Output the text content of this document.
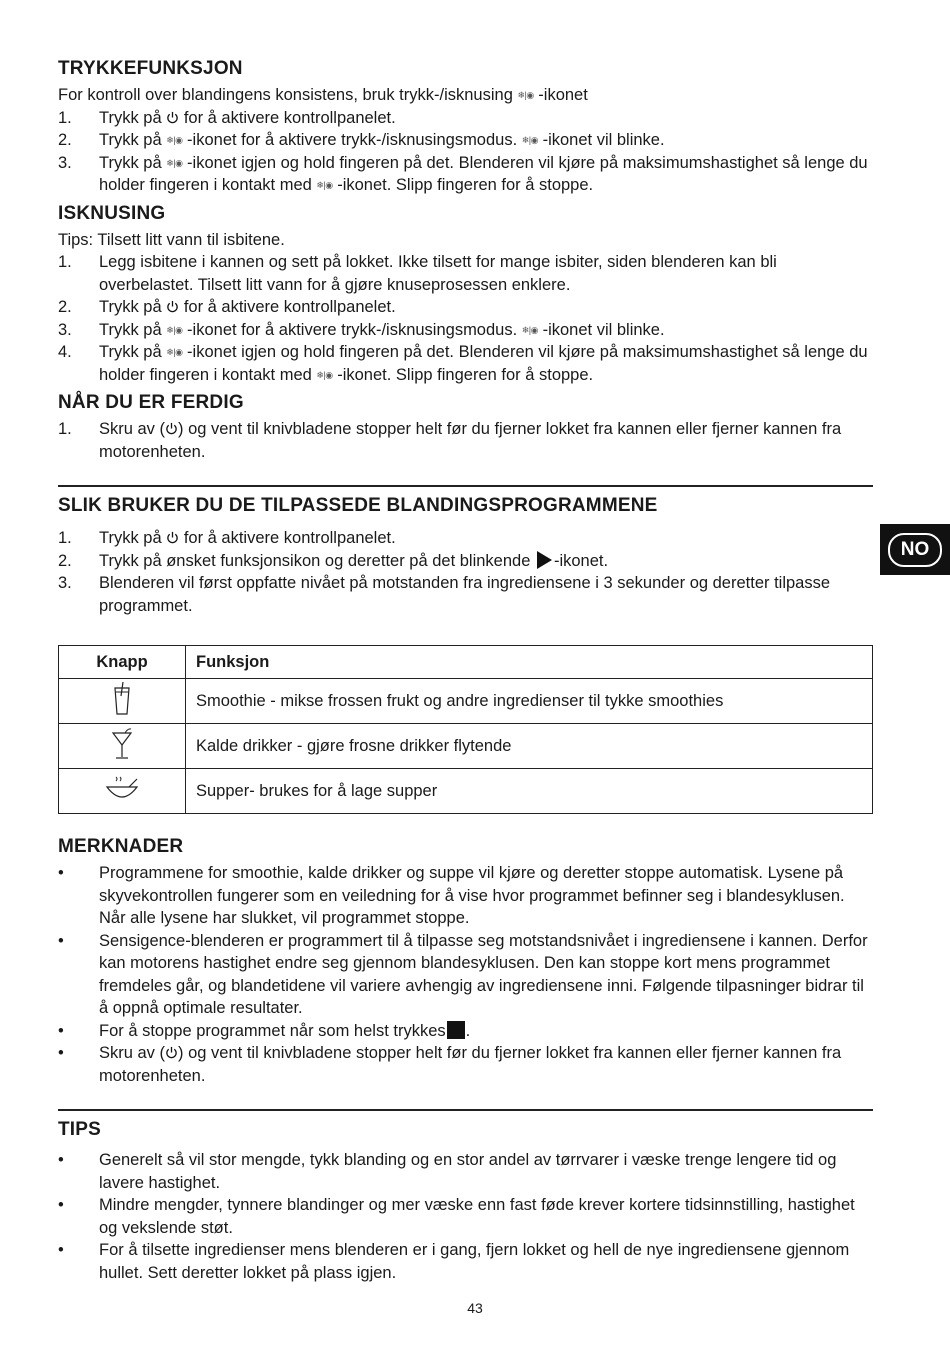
TRYKKEFUNKSJON

For kontroll over blandingens konsistens, bruk trykk-/isknusing ❄|◉ -ikonet

1. Trykk på  for å aktivere kontrollpanelet.
2. Trykk på ❄|◉ -ikonet for å aktivere trykk-/isknusingsmodus. ❄|◉ -ikonet vil blinke.
3. Trykk på ❄|◉ -ikonet igjen og hold fingeren på det. Blenderen vil kjøre på maksimumshastighet så lenge du holder fingeren i kontakt med ❄|◉ -ikonet. Slipp fingeren for å stoppe.
ISKNUSING

Tips: Tilsett litt vann til isbitene.

1. Legg isbitene i kannen og sett på lokket. Ikke tilsett for mange isbiter, siden blenderen kan bli overbelastet. Tilsett litt vann for å gjøre knuseprosessen enklere.
2. Trykk på  for å aktivere kontrollpanelet.
3. Trykk på ❄|◉ -ikonet for å aktivere trykk-/isknusingsmodus. ❄|◉ -ikonet vil blinke.
4. Trykk på ❄|◉ -ikonet igjen og hold fingeren på det. Blenderen vil kjøre på maksimumshastighet så lenge du holder fingeren i kontakt med ❄|◉ -ikonet. Slipp fingeren for å stoppe.
NÅR DU ER FERDIG
1. Skru av ( ) og vent til knivbladene stopper helt før du fjerner lokket fra kannen eller fjerner kannen fra motorenheten.
SLIK BRUKER DU DE TILPASSEDE BLANDINGSPROGRAMMENE
1. Trykk på  for å aktivere kontrollpanelet.
2. Trykk på ønsket funksjonsikon og deretter på det blinkende -ikonet.
3. Blenderen vil først oppfatte nivået på motstanden fra ingrediensene i 3 sekunder og deretter tilpasse programmet.
Knapp	Funksjon
	Smoothie - mikse frossen frukt og andre ingredienser til tykke smoothies
	Kalde drikker - gjøre frosne drikker flytende
	Supper- brukes for å lage supper
MERKNADER
• Programmene for smoothie, kalde drikker og suppe vil kjøre og deretter stoppe automatisk. Lysene på skyvekontrollen fungerer som en veiledning for å vise hvor programmet befinner seg i blandesyklusen. Når alle lysene har slukket, vil programmet stoppe.
• Sensigence-blenderen er programmert til å tilpasse seg motstandsnivået i ingrediensene i kannen. Derfor kan motorens hastighet endre seg gjennom blandesyklusen. Den kan stoppe kort mens programmet fremdeles går, og blandetidene vil variere avhengig av ingrediensene inni. Følgende tilpasninger bidrar til å oppnå optimale resultater.
• For å stoppe programmet når som helst trykkes .
• Skru av ( ) og vent til knivbladene stopper helt før du fjerner lokket fra kannen eller fjerner kannen fra motorenheten.
TIPS
• Generelt så vil stor mengde, tykk blanding og en stor andel av tørrvarer i væske trenge lengere tid og lavere hastighet.
• Mindre mengder, tynnere blandinger og mer væske enn fast føde krever kortere tidsinnstilling, hastighet og vekslende støt.
• For å tilsette ingredienser mens blenderen er i gang, fjern lokket og hell de nye ingrediensene gjennom hullet. Sett deretter lokket på plass igjen.
NO
43
